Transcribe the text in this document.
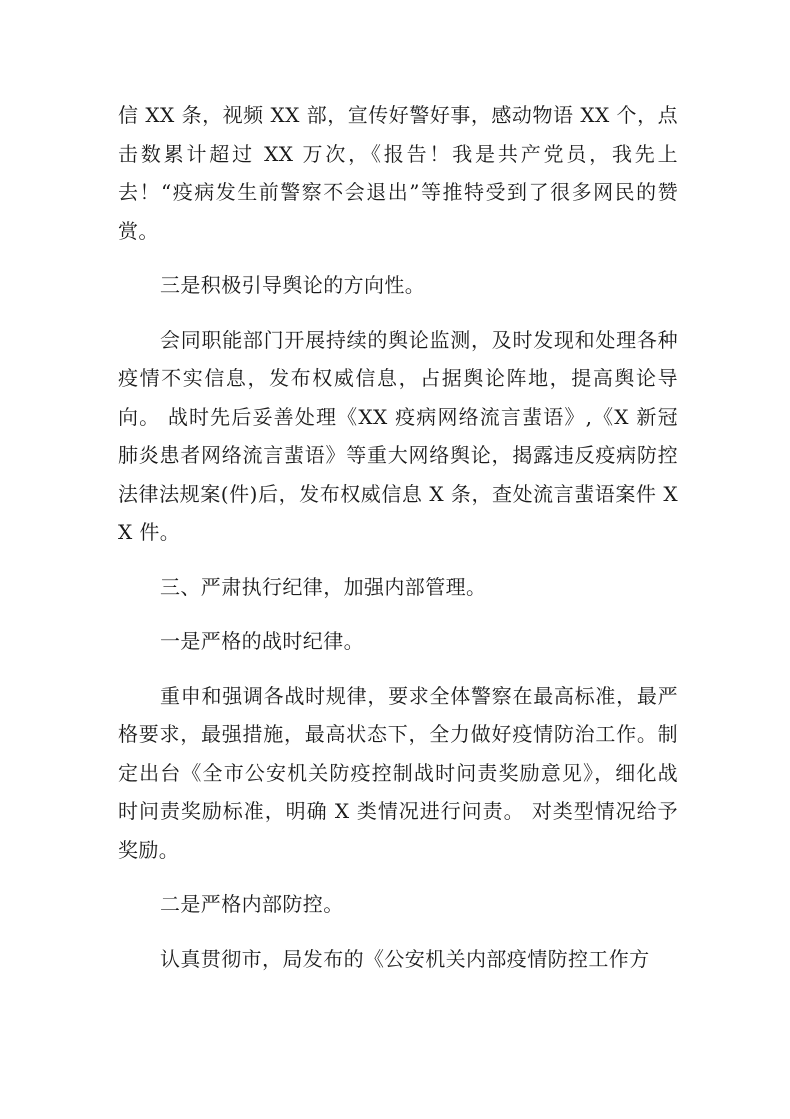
信 XX 条，视频 XX 部，宣传好警好事，感动物语 XX 个，点击数累计超过 XX 万次，《报告！我是共产党员，我先上去！“疫病发生前警察不会退出”等推特受到了很多网民的赞赏。

三是积极引导舆论的方向性。

会同职能部门开展持续的舆论监测，及时发现和处理各种疫情不实信息，发布权威信息，占据舆论阵地，提高舆论导向。 战时先后妥善处理《XX 疫病网络流言蜚语》,《X 新冠肺炎患者网络流言蜚语》等重大网络舆论，揭露违反疫病防控法律法规案(件)后，发布权威信息 X 条，查处流言蜚语案件 XX 件。

三、严肃执行纪律，加强内部管理。

一是严格的战时纪律。

重申和强调各战时规律，要求全体警察在最高标准，最严格要求，最强措施，最高状态下，全力做好疫情防治工作。制定出台《全市公安机关防疫控制战时问责奖励意见》，细化战时问责奖励标准，明确 X 类情况进行问责。 对类型情况给予奖励。

二是严格内部防控。

认真贯彻市，局发布的《公安机关内部疫情防控工作方
